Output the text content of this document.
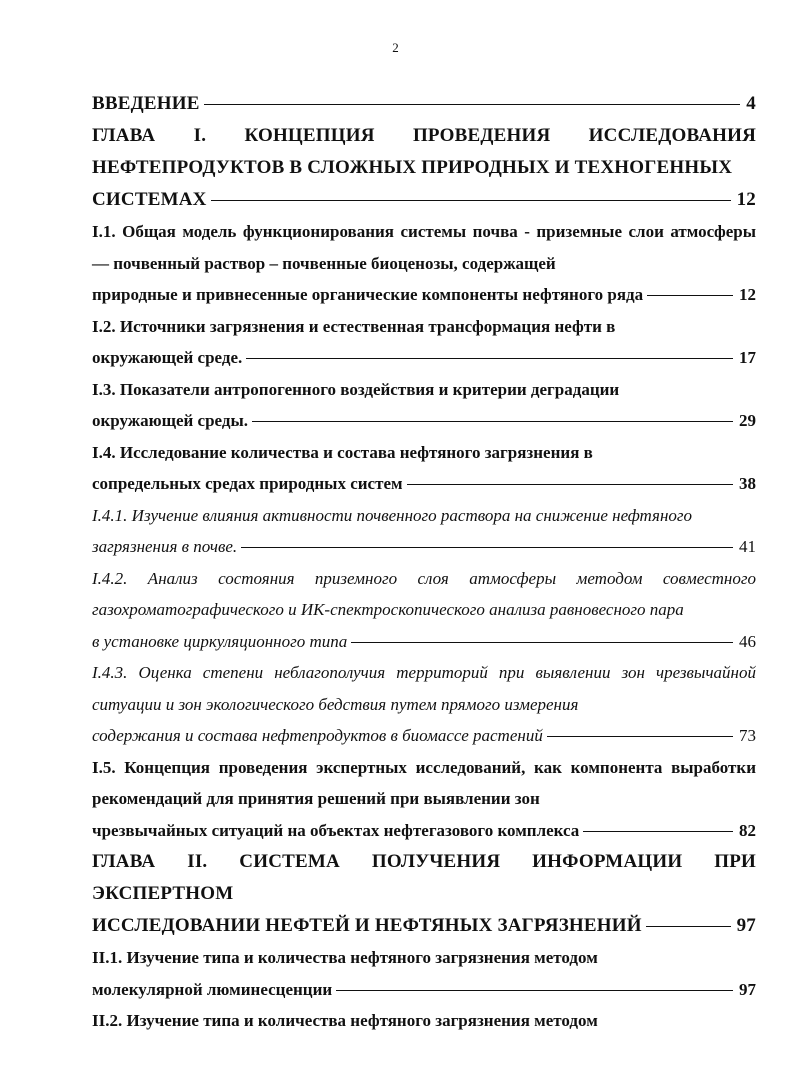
2
ВВЕДЕНИЕ	4
ГЛАВА I. КОНЦЕПЦИЯ ПРОВЕДЕНИЯ ИССЛЕДОВАНИЯ НЕФТЕПРОДУКТОВ В СЛОЖНЫХ ПРИРОДНЫХ И ТЕХНОГЕННЫХ
СИСТЕМАХ	12
I.1. Общая модель функционирования системы почва - приземные слои атмосферы — почвенный раствор – почвенные биоценозы, содержащей
природные и привнесенные органические компоненты нефтяного ряда	12
I.2. Источники загрязнения и естественная трансформация нефти в
окружающей среде.	17
I.3. Показатели антропогенного воздействия и критерии деградации
окружающей среды.	29
I.4. Исследование количества и состава нефтяного загрязнения в
сопредельных средах природных систем	38
I.4.1. Изучение влияния активности почвенного раствора на снижение нефтяного
загрязнения в почве.	41
I.4.2. Анализ состояния приземного слоя атмосферы методом совместного газохроматографического и ИК-спектроскопического анализа равновесного пара
в установке циркуляционного типа	46
I.4.3. Оценка степени неблагополучия территорий при выявлении зон чрезвычайной ситуации и зон экологического бедствия путем прямого измерения
содержания и состава нефтепродуктов в биомассе растений	73
I.5. Концепция проведения экспертных исследований, как компонента выработки рекомендаций для принятия решений при выявлении зон
чрезвычайных ситуаций на объектах нефтегазового комплекса	82
ГЛАВА II. СИСТЕМА ПОЛУЧЕНИЯ ИНФОРМАЦИИ ПРИ ЭКСПЕРТНОМ
ИССЛЕДОВАНИИ НЕФТЕЙ И НЕФТЯНЫХ ЗАГРЯЗНЕНИЙ	97
II.1. Изучение типа и количества нефтяного загрязнения методом
молекулярной люминесценции	97
II.2. Изучение типа и количества нефтяного загрязнения методом
